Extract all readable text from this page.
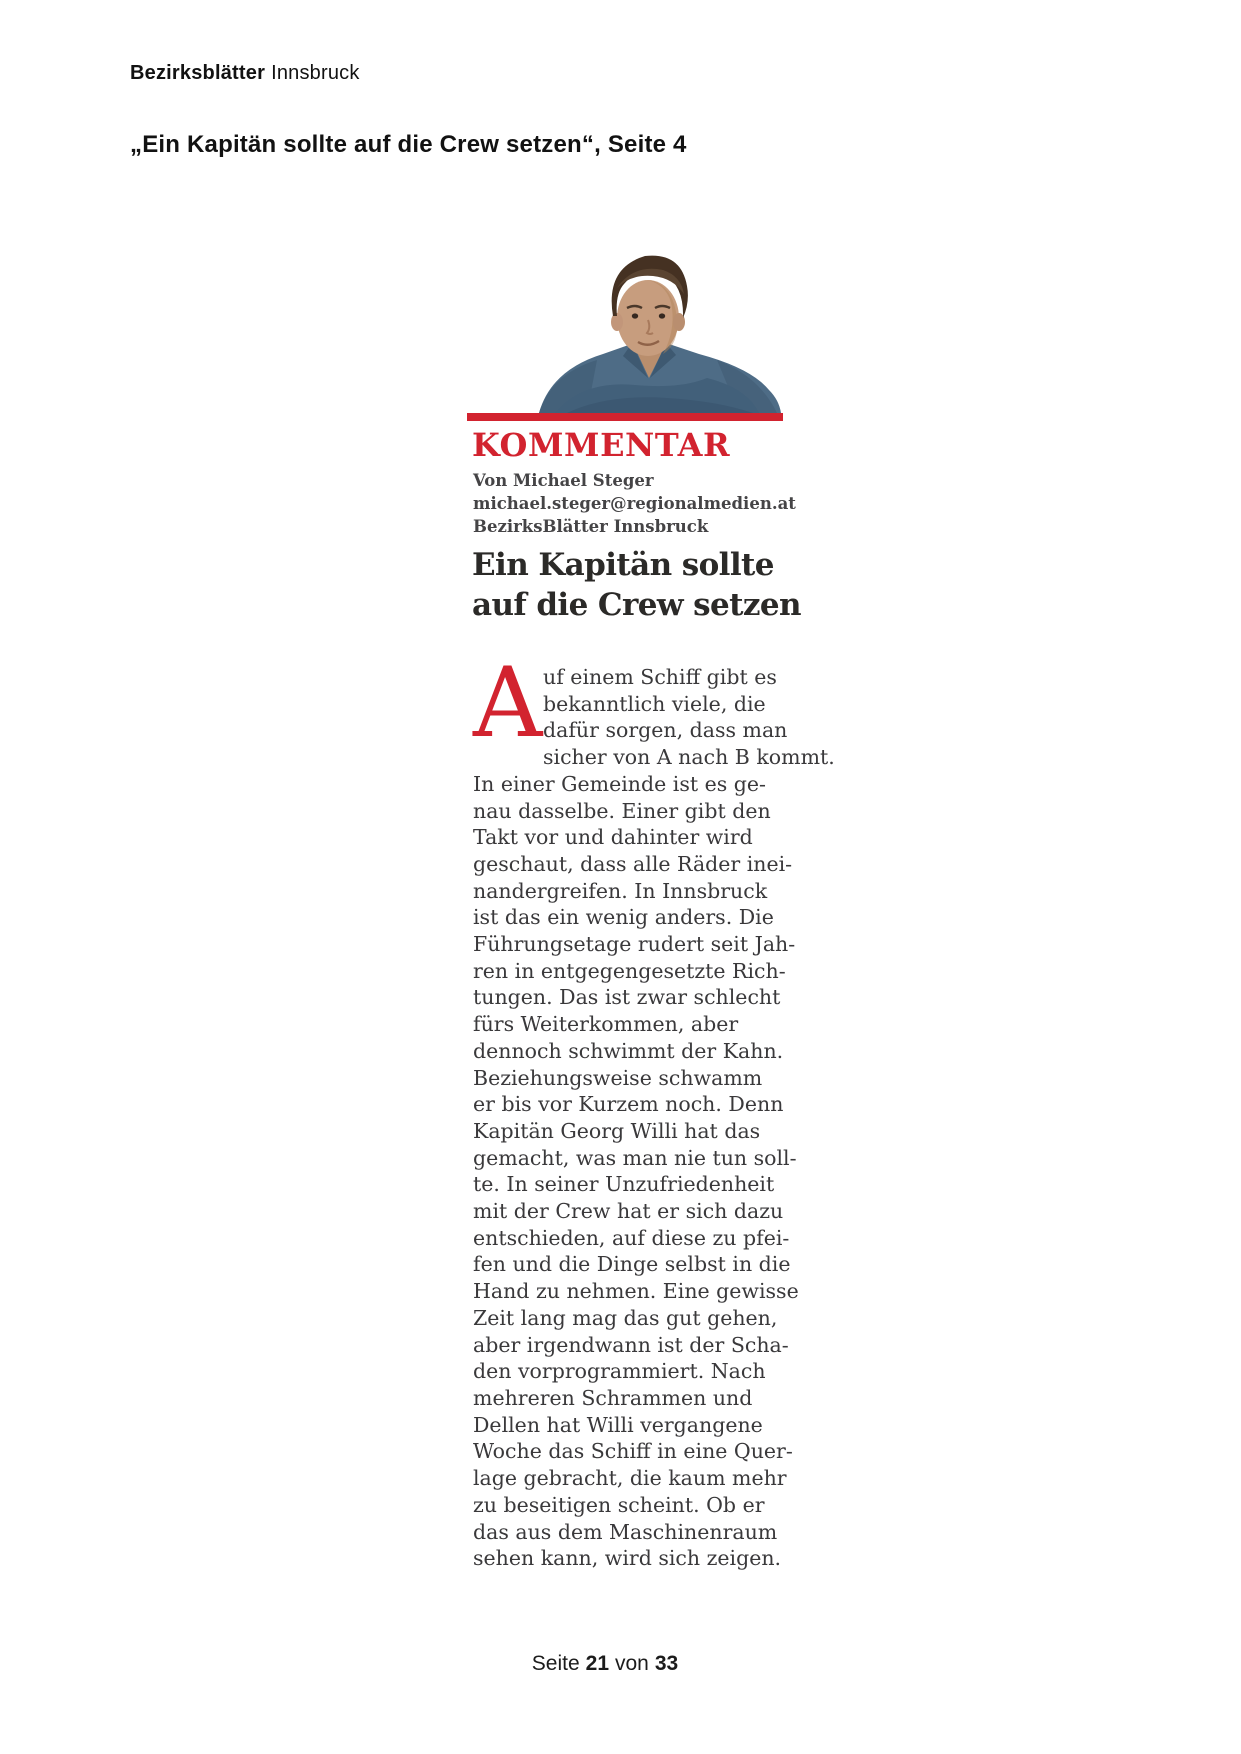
Bezirksblätter Innsbruck
„Ein Kapitän sollte auf die Crew setzen“, Seite 4
KOMMENTAR
Von Michael Steger
michael.steger@regionalmedien.at
BezirksBlätter Innsbruck
Ein Kapitän sollte
auf die Crew setzen
A uf einem Schiff gibt es
bekanntlich viele, die
dafür sorgen, dass man
sicher von A nach B kommt.
In einer Gemeinde ist es ge-
nau dasselbe. Einer gibt den
Takt vor und dahinter wird
geschaut, dass alle Räder inei-
nandergreifen. In Innsbruck
ist das ein wenig anders. Die
Führungsetage rudert seit Jah-
ren in entgegengesetzte Rich-
tungen. Das ist zwar schlecht
fürs Weiterkommen, aber
dennoch schwimmt der Kahn.
Beziehungsweise schwamm
er bis vor Kurzem noch. Denn
Kapitän Georg Willi hat das
gemacht, was man nie tun soll-
te. In seiner Unzufriedenheit
mit der Crew hat er sich dazu
entschieden, auf diese zu pfei-
fen und die Dinge selbst in die
Hand zu nehmen. Eine gewisse
Zeit lang mag das gut gehen,
aber irgendwann ist der Scha-
den vorprogrammiert. Nach
mehreren Schrammen und
Dellen hat Willi vergangene
Woche das Schiff in eine Quer-
lage gebracht, die kaum mehr
zu beseitigen scheint. Ob er
das aus dem Maschinenraum
sehen kann, wird sich zeigen.
Seite 21 von 33
